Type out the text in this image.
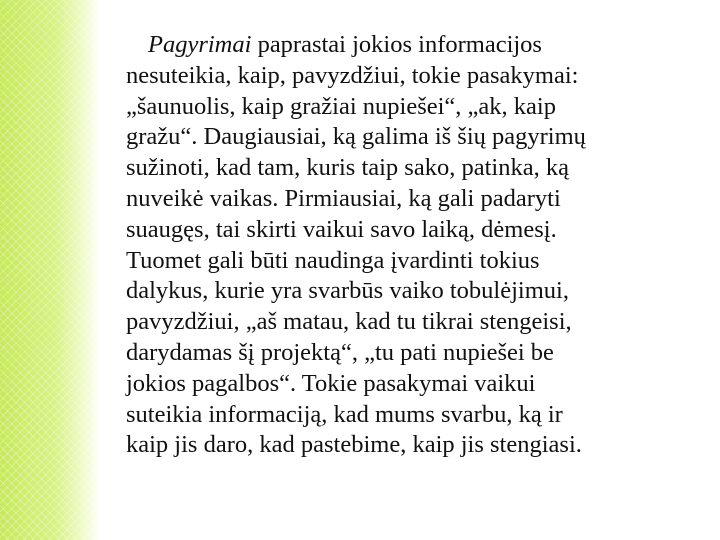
Pagyrimai paprastai jokios informacijos
nesuteikia, kaip, pavyzdžiui, tokie pasakymai:
„šaunuolis, kaip gražiai nupiešei“, „ak, kaip
gražu“. Daugiausiai, ką galima iš šių pagyrimų
sužinoti, kad tam, kuris taip sako, patinka, ką
nuveikė vaikas. Pirmiausiai, ką gali padaryti
suaugęs, tai skirti vaikui savo laiką, dėmesį.
Tuomet gali būti naudinga įvardinti tokius
dalykus, kurie yra svarbūs vaiko tobulėjimui,
pavyzdžiui, „aš matau, kad tu tikrai stengeisi,
darydamas šį projektą“, „tu pati nupiešei be
jokios pagalbos“. Tokie pasakymai vaikui
suteikia informaciją, kad mums svarbu, ką ir
kaip jis daro, kad pastebime, kaip jis stengiasi.
